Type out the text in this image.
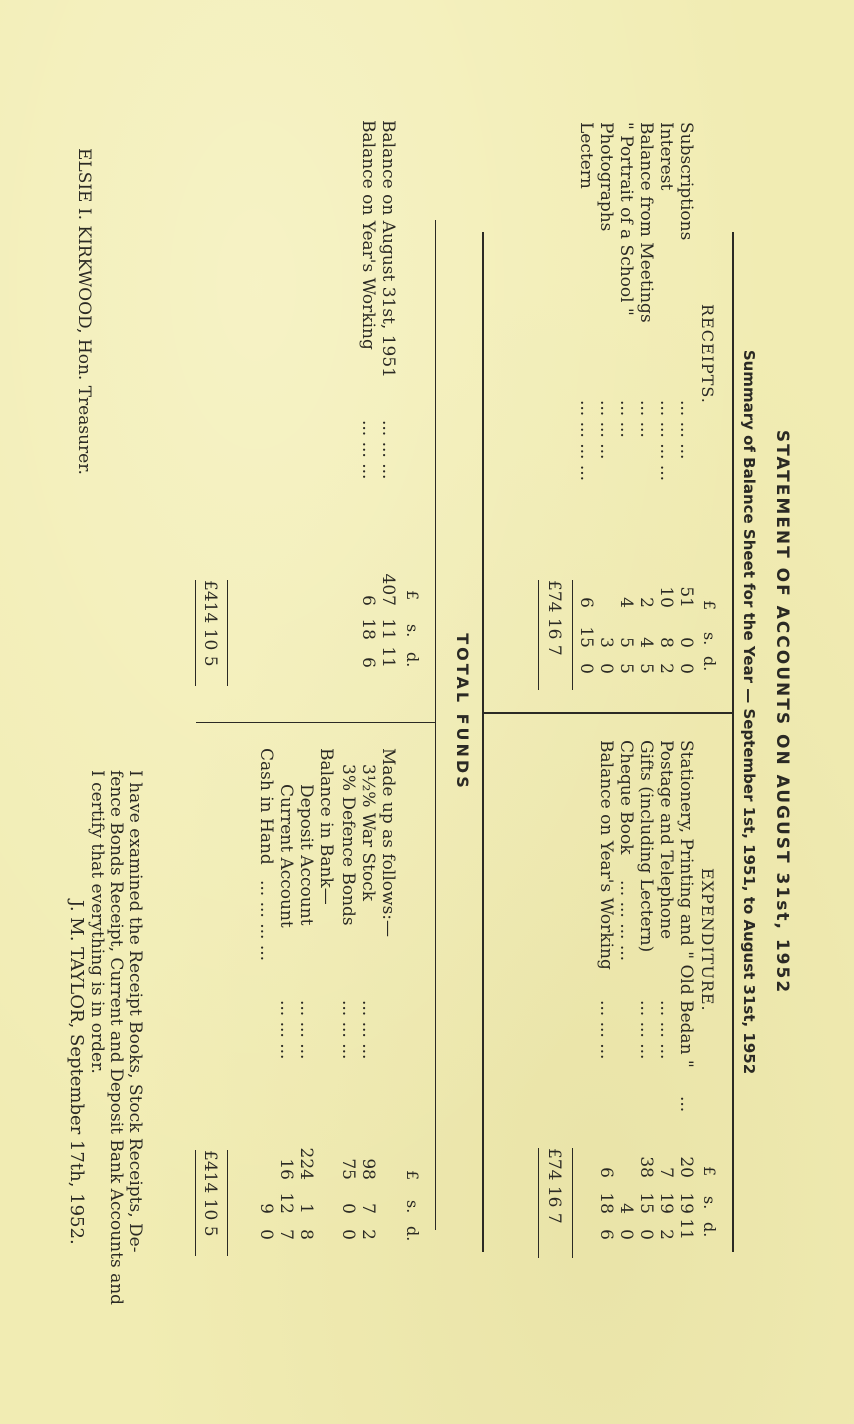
STATEMENT OF ACCOUNTS ON AUGUST 31st, 1952
Summary of Balance Sheet for the Year — September 1st, 1951, to August 31st, 1952
RECEIPTS.
£
s.
d.
Subscriptions
... ... ...
51
0
0
Interest
... ... ... ...
10
8
2
Balance from Meetings
... ...
2
4
5
" Portrait of a School "
... ...
4
5
5
Photographs
... ... ...
3
0
Lectern
... ... ... ...
6
15
0
£74 16 7
EXPENDITURE.
£
s.
d.
Stationery, Printing and " Old Bedan "
...
20
19
11
Postage and Telephone
... ... ...
7
19
2
Gifts (including Lectern)
... ... ...
38
15
0
Cheque Book
... ... ... ...
4
0
Balance on Year's Working
... ... ...
6
18
6
£74 16 7
TOTAL FUNDS
£
s.
d.
Balance on August 31st, 1951
... ... ...
407
11
11
Balance on Year's Working
... ... ...
6
18
6
£414 10 5
£
s.
d.
Made up as follows:—
3½% War Stock
... ... ...
98
7
2
3% Defence Bonds
... ... ...
75
0
0
Balance in Bank—
Deposit Account
... ... ...
224
1
8
Current Account
... ... ...
16
12
7
Cash in Hand
... ... ... ...
9
0
£414 10 5
ELSIE I. KIRKWOOD, Hon. Treasurer.
I have examined the Receipt Books, Stock Receipts, De-
fence Bonds Receipt, Current and Deposit Bank Accounts and
I certify that everything is in order.
J. M. TAYLOR, September 17th, 1952.
